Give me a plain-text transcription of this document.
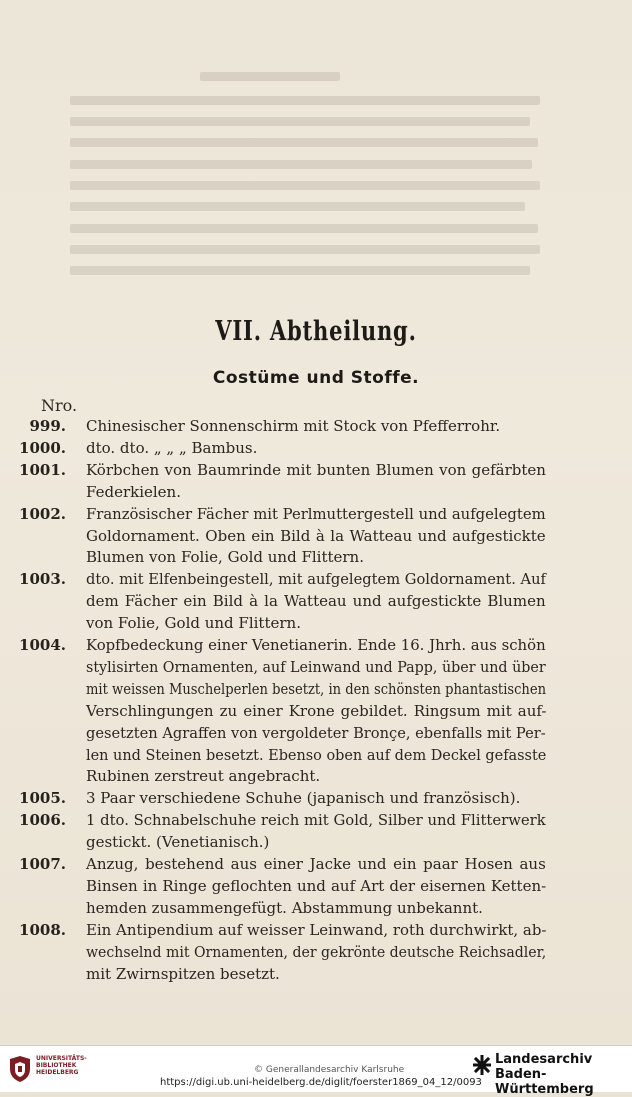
VII. Abtheilung.
Costüme und Stoffe.
Nro.
999. Chinesischer Sonnenschirm mit Stock von Pfefferrohr.
1000. dto. dto. „ „ „ Bambus.
1001. Körbchen von Baumrinde mit bunten Blumen von gefärbten
Federkielen.
1002. Französischer Fächer mit Perlmuttergestell und aufgelegtem
Goldornament. Oben ein Bild à la Watteau und aufgestickte
Blumen von Folie, Gold und Flittern.
1003. dto. mit Elfenbeingestell, mit aufgelegtem Goldornament. Auf
dem Fächer ein Bild à la Watteau und aufgestickte Blumen
von Folie, Gold und Flittern.
1004. Kopfbedeckung einer Venetianerin. Ende 16. Jhrh. aus schön
stylisirten Ornamenten, auf Leinwand und Papp, über und über
mit weissen Muschelperlen besetzt, in den schönsten phantastischen
Verschlingungen zu einer Krone gebildet. Ringsum mit auf-
gesetzten Agraffen von vergoldeter Bronçe, ebenfalls mit Per-
len und Steinen besetzt. Ebenso oben auf dem Deckel gefasste
Rubinen zerstreut angebracht.
1005. 3 Paar verschiedene Schuhe (japanisch und französisch).
1006. 1 dto. Schnabelschuhe reich mit Gold, Silber und Flitterwerk
gestickt. (Venetianisch.)
1007. Anzug, bestehend aus einer Jacke und ein paar Hosen aus
Binsen in Ringe geflochten und auf Art der eisernen Ketten-
hemden zusammengefügt. Abstammung unbekannt.
1008. Ein Antipendium auf weisser Leinwand, roth durchwirkt, ab-
wechselnd mit Ornamenten, der gekrönte deutsche Reichsadler,
mit Zwirnspitzen besetzt.
UNIVERSITÄTS-
BIBLIOTHEK
HEIDELBERG	© Generallandesarchiv Karlsruhe
https://digi.ub.uni-heidelberg.de/diglit/foerster1869_04_12/0093
Landesarchiv
Baden-Württemberg
